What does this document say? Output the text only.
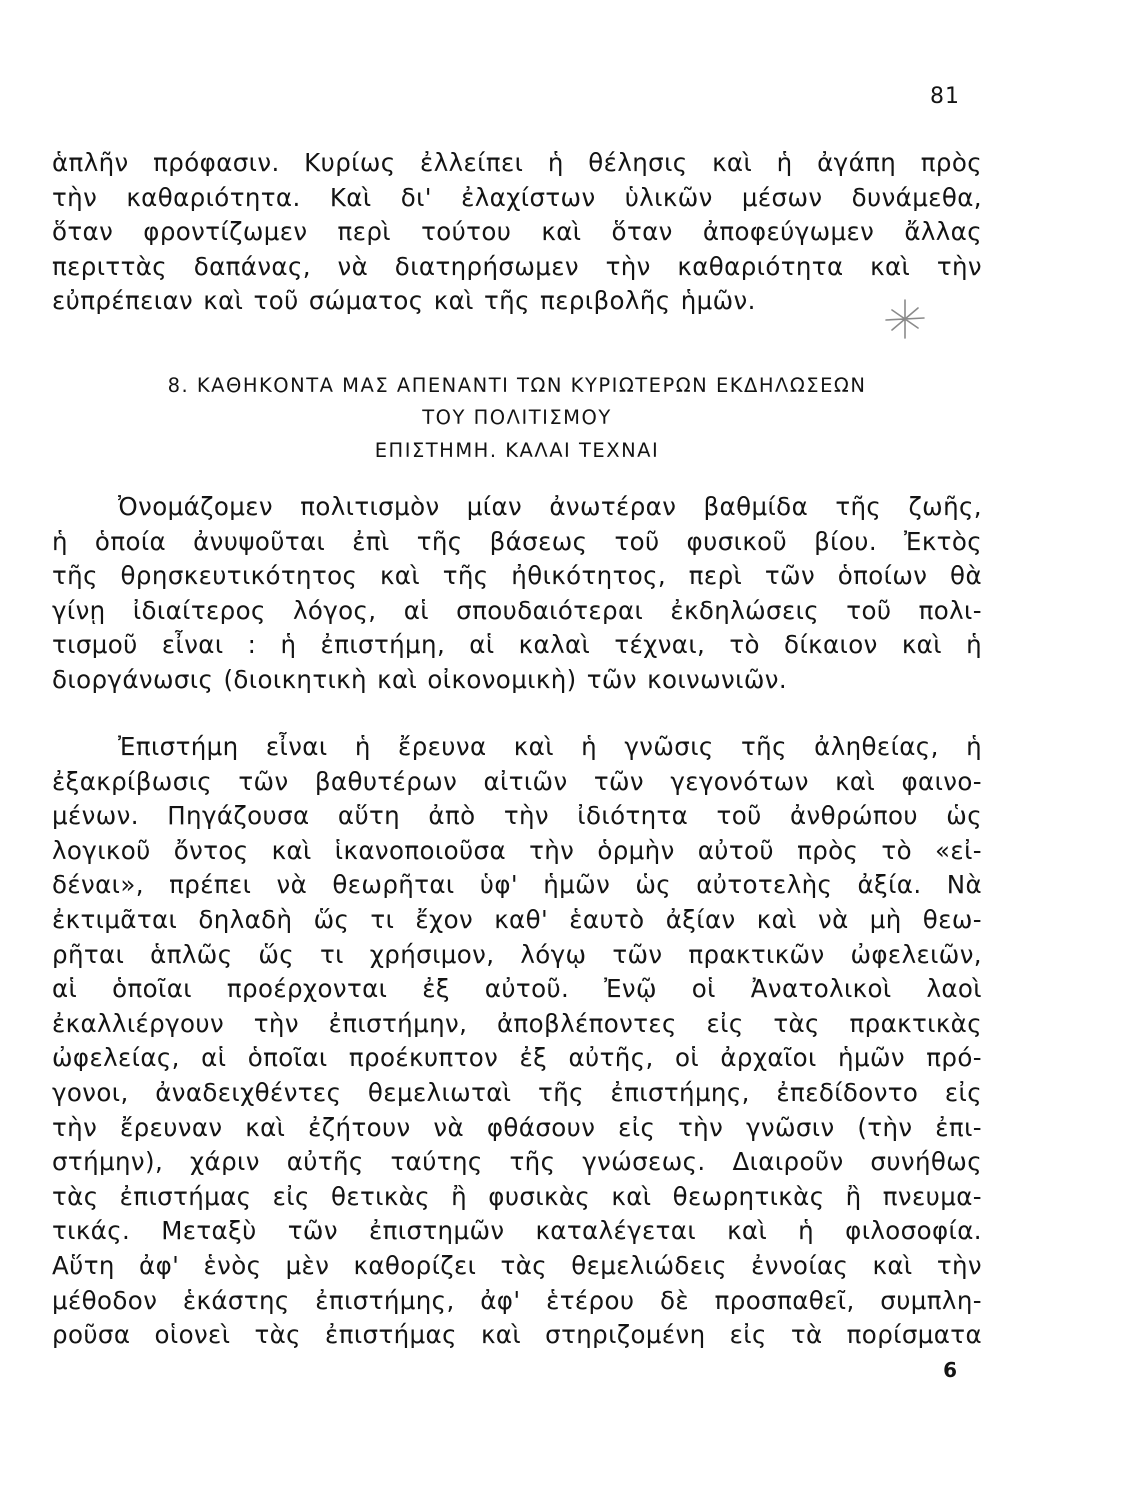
81
ἁπλῆν πρόφασιν. Κυρίως ἐλλείπει ἡ θέλησις καὶ ἡ ἀγάπη πρὸς
τὴν καθαριότητα. Καὶ δι' ἐλαχίστων ὑλικῶν μέσων δυνάμεθα,
ὅταν φροντίζωμεν περὶ τούτου καὶ ὅταν ἀποφεύγωμεν ἄλλας
περιττὰς δαπάνας, νὰ διατηρήσωμεν τὴν καθαριότητα καὶ τὴν
εὐπρέπειαν καὶ τοῦ σώματος καὶ τῆς περιβολῆς ἡμῶν.
8. ΚΑΘΗΚΟΝΤΑ ΜΑΣ ΑΠΕΝΑΝΤΙ ΤΩΝ ΚΥΡΙΩΤΕΡΩΝ ΕΚΔΗΛΩΣΕΩΝ
ΤΟΥ ΠΟΛΙΤΙΣΜΟΥ
ΕΠΙΣΤΗΜΗ. ΚΑΛΑΙ ΤΕΧΝΑΙ
Ὀνομάζομεν πολιτισμὸν μίαν ἀνωτέραν βαθμίδα τῆς ζωῆς,
ἡ ὁποία ἀνυψοῦται ἐπὶ τῆς βάσεως τοῦ φυσικοῦ βίου. Ἐκτὸς
τῆς θρησκευτικότητος καὶ τῆς ἠθικότητος, περὶ τῶν ὁποίων θὰ
γίνῃ ἰδιαίτερος λόγος, αἱ σπουδαιότεραι ἐκδηλώσεις τοῦ πολι-
τισμοῦ εἶναι : ἡ ἐπιστήμη, αἱ καλαὶ τέχναι, τὸ δίκαιον καὶ ἡ
διοργάνωσις (διοικητικὴ καὶ οἰκονομικὴ) τῶν κοινωνιῶν.
Ἐπιστήμη εἶναι ἡ ἔρευνα καὶ ἡ γνῶσις τῆς ἀληθείας, ἡ
ἐξακρίβωσις τῶν βαθυτέρων αἰτιῶν τῶν γεγονότων καὶ φαινο-
μένων. Πηγάζουσα αὕτη ἀπὸ τὴν ἰδιότητα τοῦ ἀνθρώπου ὡς
λογικοῦ ὄντος καὶ ἱκανοποιοῦσα τὴν ὁρμὴν αὐτοῦ πρὸς τὸ «εἰ-
δέναι», πρέπει νὰ θεωρῆται ὑφ' ἡμῶν ὡς αὐτοτελὴς ἀξία. Νὰ
ἐκτιμᾶται δηλαδὴ ὥς τι ἔχον καθ' ἑαυτὸ ἀξίαν καὶ νὰ μὴ θεω-
ρῆται ἁπλῶς ὥς τι χρήσιμον, λόγῳ τῶν πρακτικῶν ὠφελειῶν,
αἱ ὁποῖαι προέρχονται ἐξ αὐτοῦ. Ἐνῷ οἱ Ἀνατολικοὶ λαοὶ
ἐκαλλιέργουν τὴν ἐπιστήμην, ἀποβλέποντες εἰς τὰς πρακτικὰς
ὠφελείας, αἱ ὁποῖαι προέκυπτον ἐξ αὐτῆς, οἱ ἀρχαῖοι ἡμῶν πρό-
γονοι, ἀναδειχθέντες θεμελιωταὶ τῆς ἐπιστήμης, ἐπεδίδοντο εἰς
τὴν ἔρευναν καὶ ἐζήτουν νὰ φθάσουν εἰς τὴν γνῶσιν (τὴν ἐπι-
στήμην), χάριν αὐτῆς ταύτης τῆς γνώσεως. Διαιροῦν συνήθως
τὰς ἐπιστήμας εἰς θετικὰς ἢ φυσικὰς καὶ θεωρητικὰς ἢ πνευμα-
τικάς. Μεταξὺ τῶν ἐπιστημῶν καταλέγεται καὶ ἡ φιλοσοφία.
Αὕτη ἀφ' ἑνὸς μὲν καθορίζει τὰς θεμελιώδεις ἐννοίας καὶ τὴν
μέθοδον ἑκάστης ἐπιστήμης, ἀφ' ἑτέρου δὲ προσπαθεῖ, συμπλη-
ροῦσα οἱονεὶ τὰς ἐπιστήμας καὶ στηριζομένη εἰς τὰ πορίσματα
6
